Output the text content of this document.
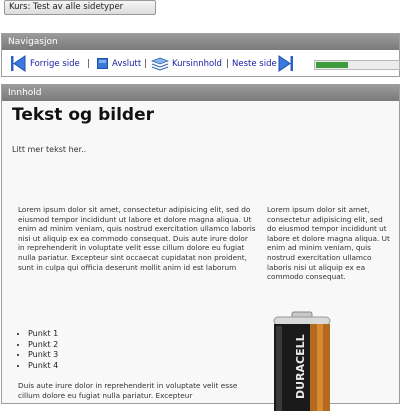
Kurs: Test av alle sidetyper
Navigasjon
Forrige side |	Avslutt |	Kursinnhold | Neste side
Innhold
Tekst og bilder
Litt mer tekst her..
Lorem ipsum dolor sit amet, consectetur adipisicing elit, sed do eiusmod tempor incididunt ut labore et dolore magna aliqua. Ut enim ad minim veniam, quis nostrud exercitation ullamco laboris nisi ut aliquip ex ea commodo consequat. Duis aute irure dolor in reprehenderit in voluptate velit esse cillum dolore eu fugiat nulla pariatur. Excepteur sint occaecat cupidatat non proident, sunt in culpa qui officia deserunt mollit anim id est laborum
Lorem ipsum dolor sit amet, consectetur adipisicing elit, sed do eiusmod tempor incididunt ut labore et dolore magna aliqua. Ut enim ad minim veniam, quis nostrud exercitation ullamco laboris nisi ut aliquip ex ea commodo consequat.
• Punkt 1
• Punkt 2
• Punkt 3
• Punkt 4
Duis aute irure dolor in reprehenderit in voluptate velit esse cillum dolore eu fugiat nulla pariatur. Excepteur	DURACELL
